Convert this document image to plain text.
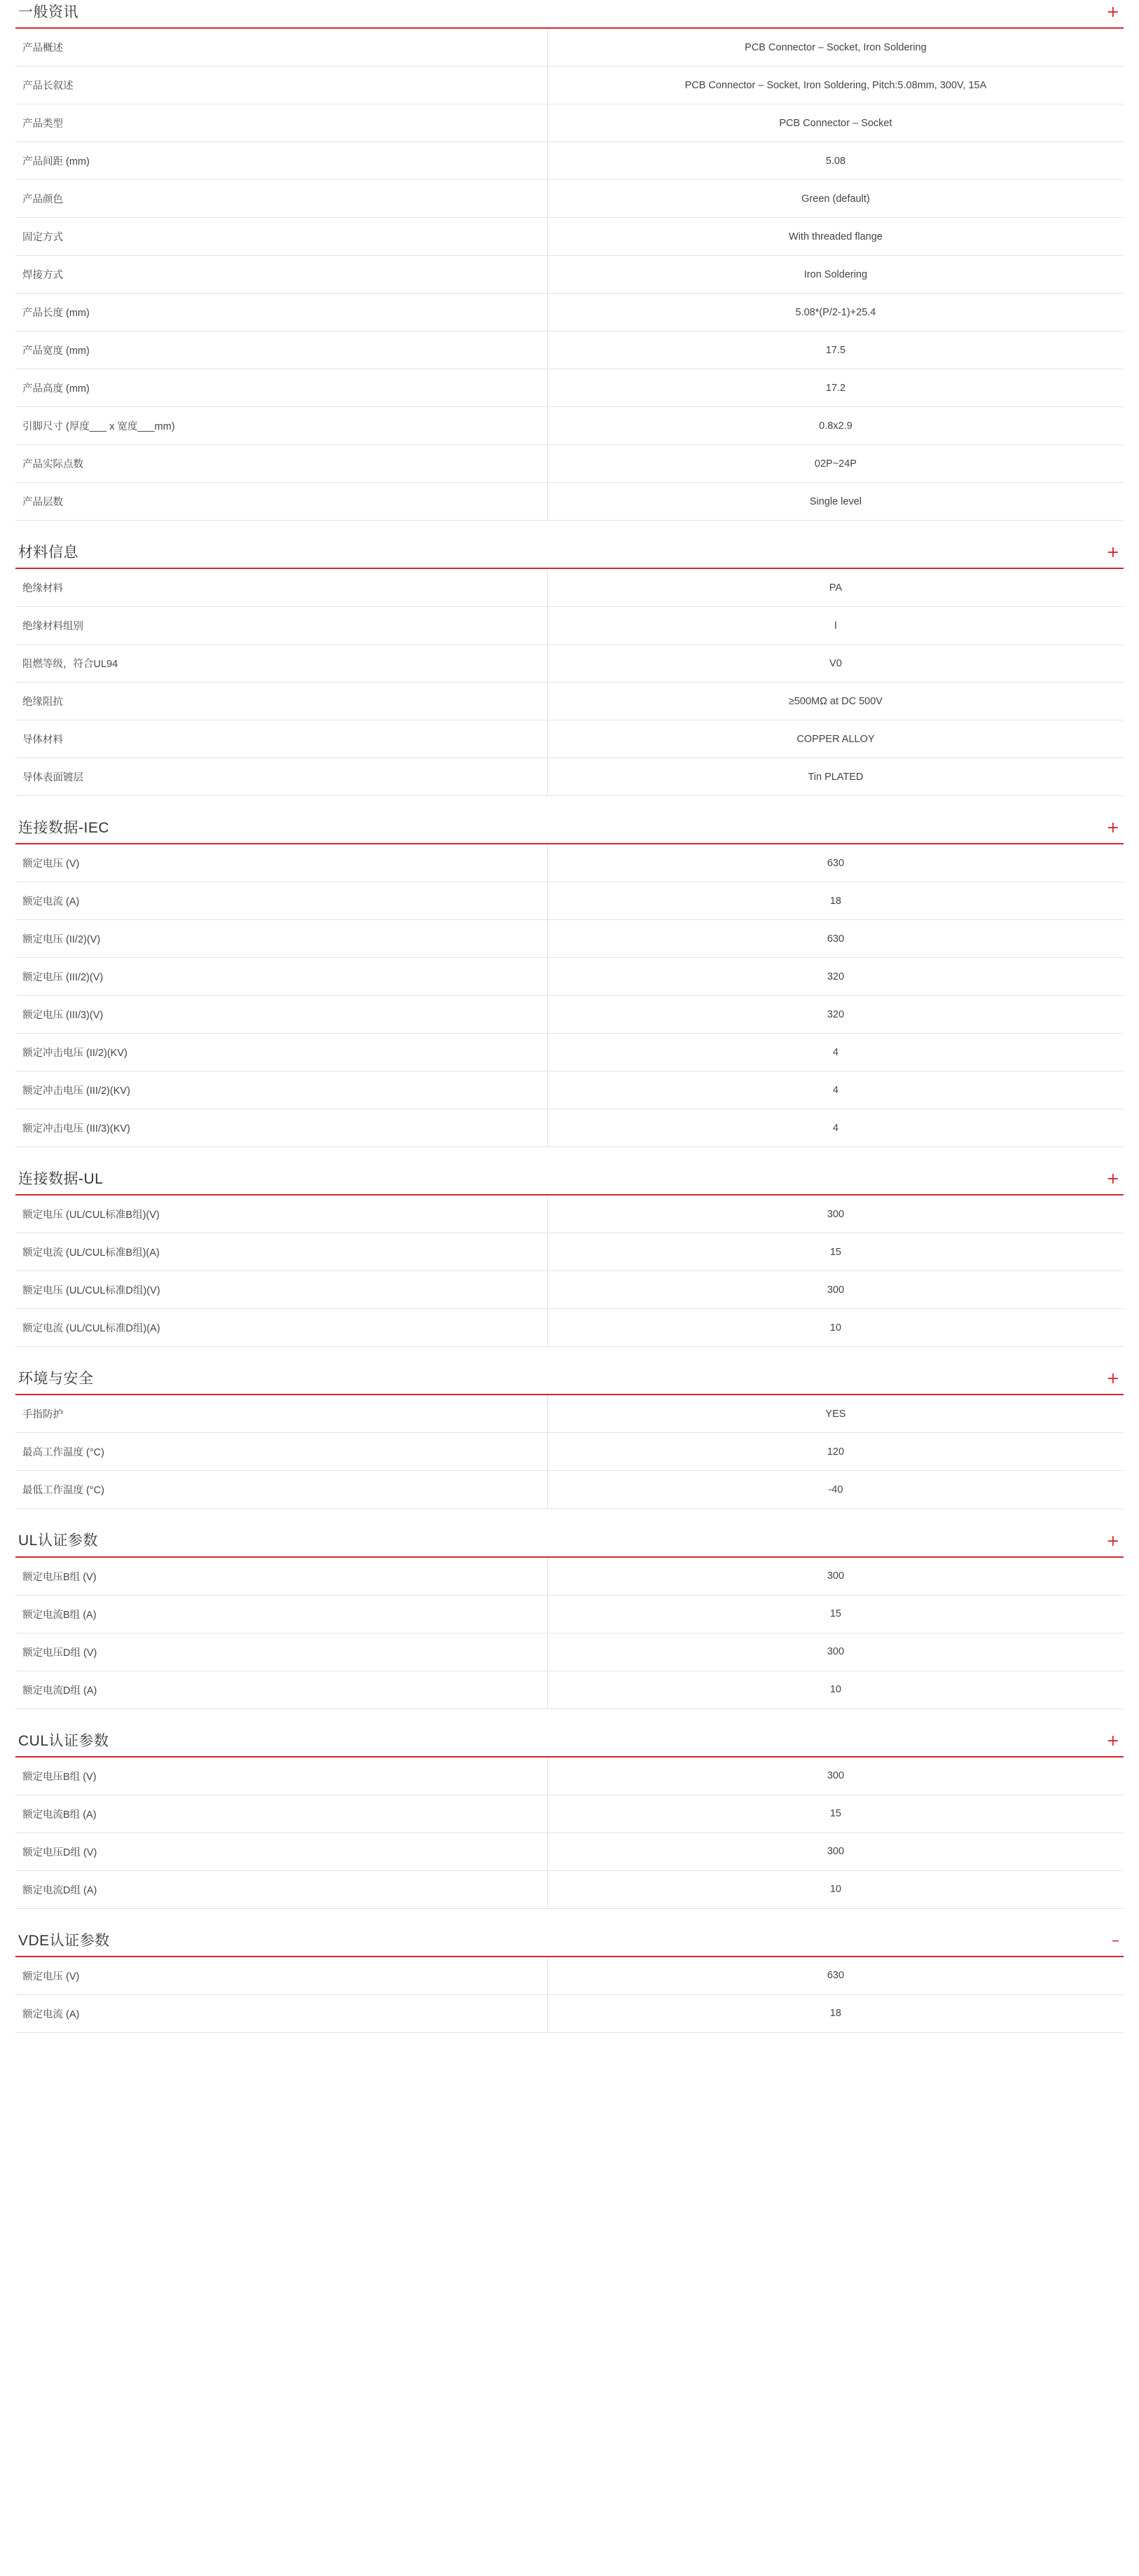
一般资讯	+
产品概述	PCB Connector – Socket, Iron Soldering
产品长叙述	PCB Connector – Socket, Iron Soldering, Pitch:5.08mm, 300V, 15A
产品类型	PCB Connector – Socket
产品间距 (mm)	5.08
产品颜色	Green (default)
固定方式	With threaded flange
焊接方式	Iron Soldering
产品长度 (mm)	5.08*(P/2-1)+25.4
产品宽度 (mm)	17.5
产品高度 (mm)	17.2
引脚尺寸 (厚度___ x 宽度___mm)	0.8x2.9
产品实际点数	02P~24P
产品层数	Single level
材料信息	+
绝缘材料	PA
绝缘材料组别	I
阻燃等级，符合UL94	V0
绝缘阻抗	≥500MΩ at DC 500V
导体材料	COPPER ALLOY
导体表面镀层	Tin PLATED
连接数据-IEC	+
额定电压 (V)	630
额定电流 (A)	18
额定电压 (II/2)(V)	630
额定电压 (III/2)(V)	320
额定电压 (III/3)(V)	320
额定冲击电压 (II/2)(KV)	4
额定冲击电压 (III/2)(KV)	4
额定冲击电压 (III/3)(KV)	4
连接数据-UL	+
额定电压 (UL/CUL标准B组)(V)	300
额定电流 (UL/CUL标准B组)(A)	15
额定电压 (UL/CUL标准D组)(V)	300
额定电流 (UL/CUL标准D组)(A)	10
环境与安全	+
手指防护	YES
最高工作温度 (°C)	120
最低工作温度 (°C)	-40
UL认证参数	+
额定电压B组 (V)	300
额定电流B组 (A)	15
额定电压D组 (V)	300
额定电流D组 (A)	10
CUL认证参数	+
额定电压B组 (V)	300
额定电流B组 (A)	15
额定电压D组 (V)	300
额定电流D组 (A)	10
VDE认证参数	–
额定电压 (V)	630
额定电流 (A)	18
